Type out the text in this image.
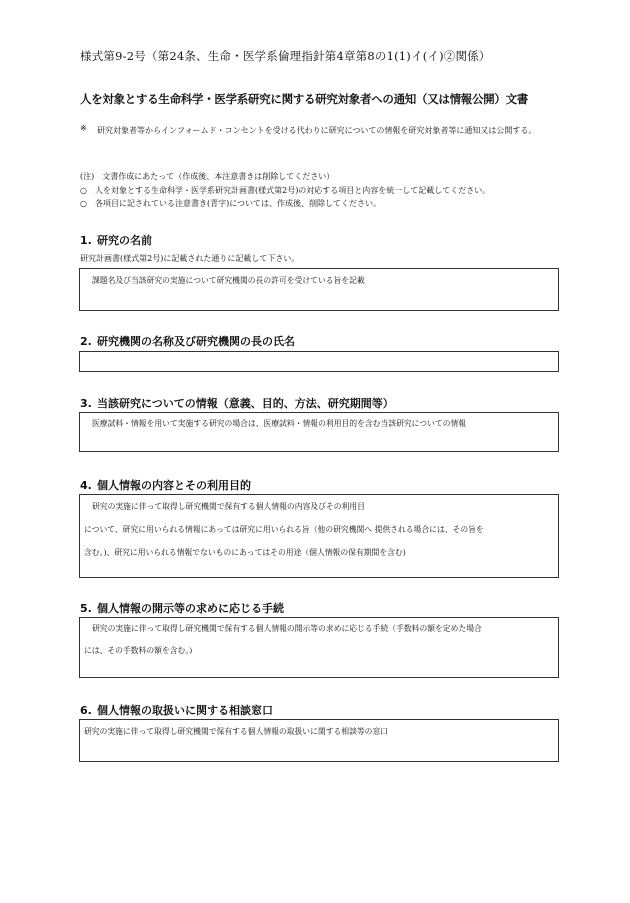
様式第9-2号（第24条、生命・医学系倫理指針第4章第8の1(1)イ(イ)②関係）
人を対象とする生命科学・医学系研究に関する研究対象者への通知（又は情報公開）文書
※ 研究対象者等からインフォームド・コンセントを受ける代わりに研究についての情報を研究対象者等に通知又は公開する。
(注)　文書作成にあたって（作成後、本注意書きは削除してください）
○　人を対象とする生命科学・医学系研究計画書(様式第2号)の対応する項目と内容を統一して記載してください。
○　各項目に記されている注意書き(青字)については、作成後、削除してください。
1. 研究の名前
研究計画書(様式第2号)に記載された通りに記載して下さい。
課題名及び当該研究の実施について研究機関の長の許可を受けている旨を記載
2. 研究機関の名称及び研究機関の長の氏名
3. 当該研究についての情報（意義、目的、方法、研究期間等）
医療試料・情報を用いて実施する研究の場合は、医療試料・情報の利用目的を含む当該研究についての情報
4. 個人情報の内容とその利用目的
研究の実施に伴って取得し研究機関で保有する個人情報の内容及びその利用目
について、研究に用いられる情報にあっては研究に用いられる旨（他の研究機関へ 提供される場合には、その旨を
含む。)、研究に用いられる情報でないものにあってはその用途（個人情報の保有期間を含む)
5. 個人情報の開示等の求めに応じる手続
研究の実施に伴って取得し研究機関で保有する個人情報の開示等の求めに応じる手続（手数料の額を定めた場合
には、その手数料の額を含む。)
6. 個人情報の取扱いに関する相談窓口
研究の実施に伴って取得し研究機関で保有する個人情報の取扱いに関する相談等の窓口
